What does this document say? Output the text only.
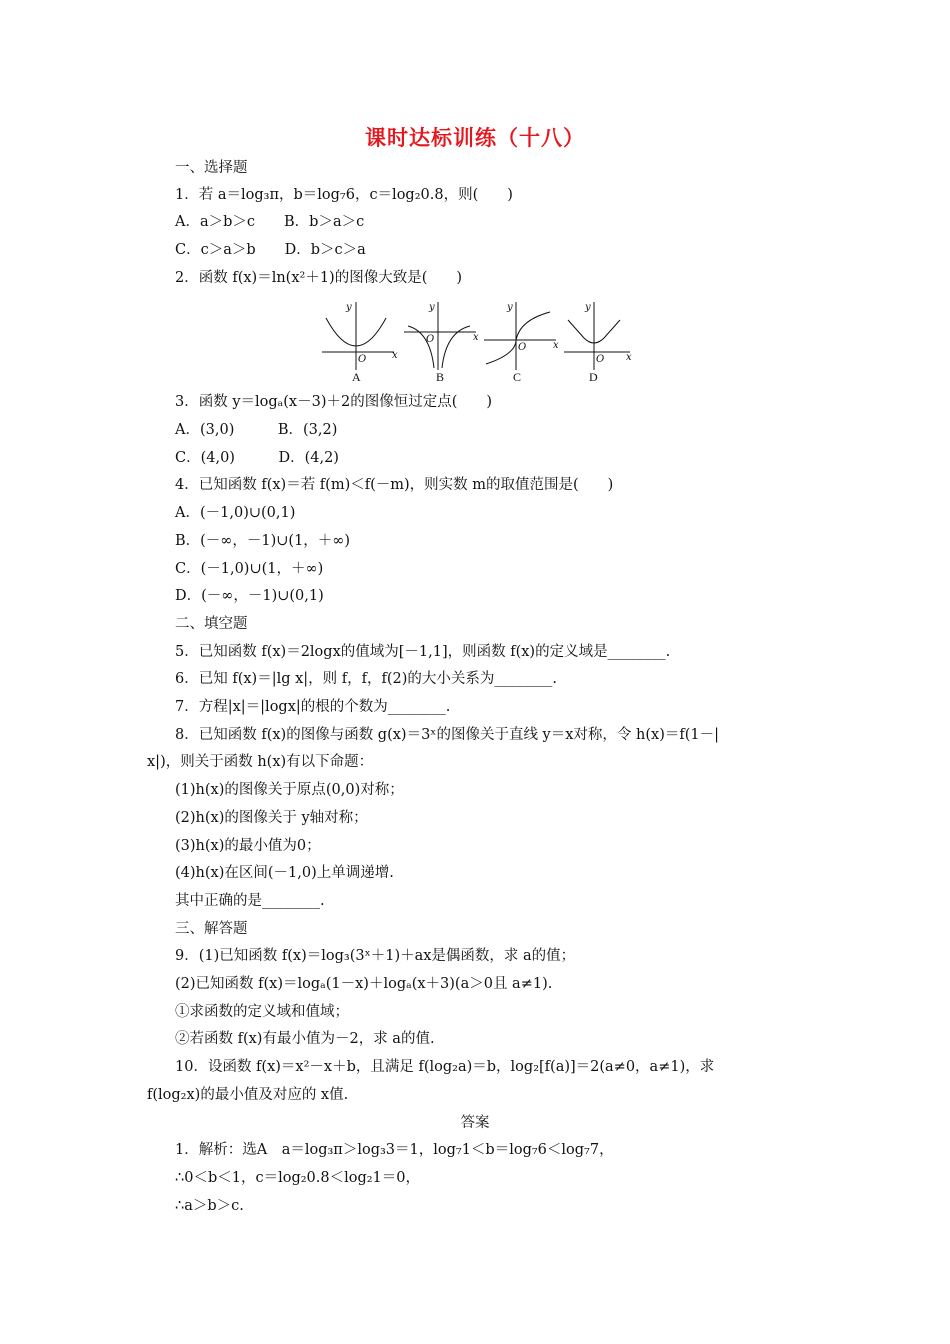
课时达标训练（十八）
一、选择题
1．若 a＝log₃π，b＝log₇6，c＝log₂0.8，则(　　)
A．a＞b＞c　　B．b＞a＞c
C．c＞a＞b　　D．b＞c＞a
2．函数 f(x)＝ln(x²＋1)的图像大致是(　　)
3．函数 y＝logₐ(x－3)＋2的图像恒过定点(　　)
A．(3,0)　　　B．(3,2)
C．(4,0)　　　D．(4,2)
4．已知函数 f(x)＝若 f(m)＜f(－m)，则实数 m的取值范围是(　　)
A．(－1,0)∪(0,1)
B．(－∞，－1)∪(1，＋∞)
C．(－1,0)∪(1，＋∞)
D．(－∞，－1)∪(0,1)
二、填空题
5．已知函数 f(x)＝2logx的值域为[－1,1]，则函数 f(x)的定义域是________.
6．已知 f(x)＝|lg x|，则 f，f，f(2)的大小关系为________.
7．方程|x|＝|logx|的根的个数为________.
8．已知函数 f(x)的图像与函数 g(x)＝3ˣ的图像关于直线 y＝x对称，令 h(x)＝f(1－|
x|)，则关于函数 h(x)有以下命题：
(1)h(x)的图像关于原点(0,0)对称；
(2)h(x)的图像关于 y轴对称；
(3)h(x)的最小值为0；
(4)h(x)在区间(－1,0)上单调递增.
其中正确的是________.
三、解答题
9．(1)已知函数 f(x)＝log₃(3ˣ＋1)＋ax是偶函数，求 a的值；
(2)已知函数 f(x)＝logₐ(1－x)＋logₐ(x＋3)(a＞0且 a≠1).
①求函数的定义域和值域；
②若函数 f(x)有最小值为－2，求 a的值.
10．设函数 f(x)＝x²－x＋b，且满足 f(log₂a)＝b，log₂[f(a)]＝2(a≠0，a≠1)，求
f(log₂x)的最小值及对应的 x值.
答案
1．解析：选A　a＝log₃π＞log₃3＝1，log₇1＜b＝log₇6＜log₇7，
∴0＜b＜1，c＝log₂0.8＜log₂1＝0，
∴a＞b＞c.
y
x
O
y
x
O
y
x
O
y
x
O
A	B	C	D
